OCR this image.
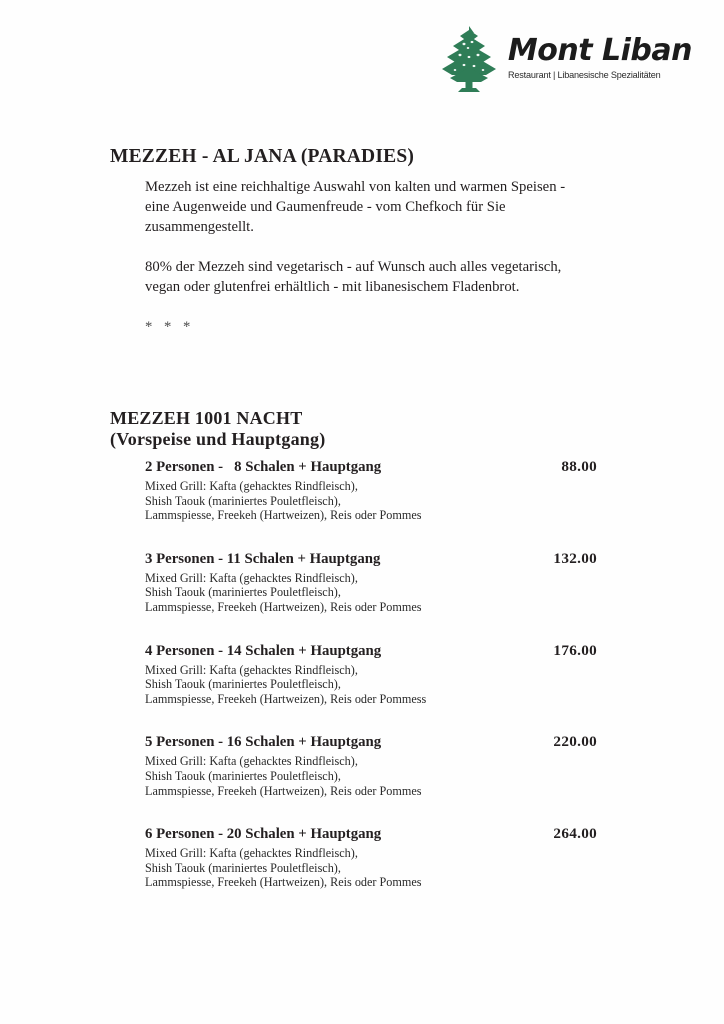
Mont Liban
Restaurant | Libanesische Spezialitäten
MEZZEH - AL JANA (PARADIES)

Mezzeh ist eine reichhaltige Auswahl von kalten und warmen Speisen - eine Augenweide und Gaumenfreude - vom Chefkoch für Sie zusammengestellt.

80% der Mezzeh sind vegetarisch - auf Wunsch auch alles vegetarisch, vegan oder glutenfrei erhältlich - mit libanesischem Fladenbrot.

* * *

MEZZEH 1001 NACHT
(Vorspeise und Hauptgang)
2 Personen -   8 Schalen + Hauptgang	88.00
Mixed Grill: Kafta (gehacktes Rindfleisch),
Shish Taouk (mariniertes Pouletfleisch),
Lammspiesse, Freekeh (Hartweizen), Reis oder Pommes
3 Personen - 11 Schalen + Hauptgang	132.00
Mixed Grill: Kafta (gehacktes Rindfleisch),
Shish Taouk (mariniertes Pouletfleisch),
Lammspiesse, Freekeh (Hartweizen), Reis oder Pommes
4 Personen - 14 Schalen + Hauptgang	176.00
Mixed Grill: Kafta (gehacktes Rindfleisch),
Shish Taouk (mariniertes Pouletfleisch),
Lammspiesse, Freekeh (Hartweizen), Reis oder Pommess
5 Personen - 16 Schalen + Hauptgang	220.00
Mixed Grill: Kafta (gehacktes Rindfleisch),
Shish Taouk (mariniertes Pouletfleisch),
Lammspiesse, Freekeh (Hartweizen), Reis oder Pommes
6 Personen - 20 Schalen + Hauptgang	264.00
Mixed Grill: Kafta (gehacktes Rindfleisch),
Shish Taouk (mariniertes Pouletfleisch),
Lammspiesse, Freekeh (Hartweizen), Reis oder Pommes
